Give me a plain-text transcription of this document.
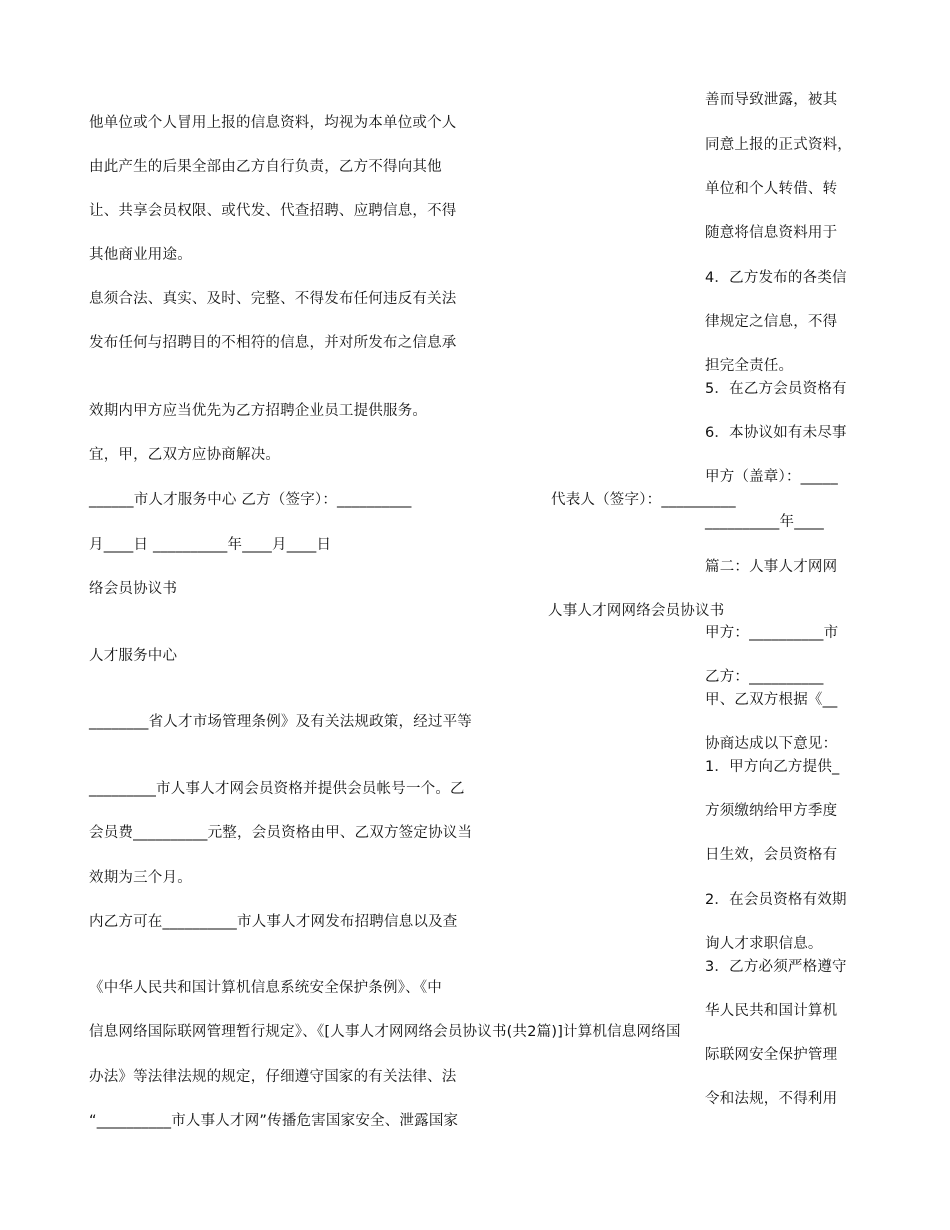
他单位或个人冒用上报的信息资料，均视为本单位或个人
由此产生的后果全部由乙方自行负责，乙方不得向其他
让、共享会员权限、或代发、代查招聘、应聘信息，不得
其他商业用途。
息须合法、真实、及时、完整、不得发布任何违反有关法
发布任何与招聘目的不相符的信息，并对所发布之信息承
效期内甲方应当优先为乙方招聘企业员工提供服务。
宜，甲，乙双方应协商解决。
______市人才服务中心 乙方（签字）：__________
月____日 __________年____月____日
络会员协议书
人才服务中心
________省人才市场管理条例》及有关法规政策，经过平等
_________市人事人才网会员资格并提供会员帐号一个。乙
会员费__________元整，会员资格由甲、乙双方签定协议当
效期为三个月。
内乙方可在__________市人事人才网发布招聘信息以及查
《中华人民共和国计算机信息系统安全保护条例》、《中
信息网络国际联网管理暂行规定》、《[人事人才网网络会员协议书(共2篇)]计算机信息网络国
办法》等法律法规的规定，仔细遵守国家的有关法律、法
“__________市人事人才网”传播危害国家安全、泄露国家
代表人（签字）：__________
人事人才网网络会员协议书
善而导致泄露，被其
同意上报的正式资料，
单位和个人转借、转
随意将信息资料用于
4．乙方发布的各类信
律规定之信息，不得
担完全责任。
5．在乙方会员资格有
6．本协议如有未尽事
甲方（盖章）：_____
__________年____
篇二：人事人才网网
甲方：__________市
乙方：__________
甲、乙双方根据《__
协商达成以下意见：
1．甲方向乙方提供_
方须缴纳给甲方季度
日生效，会员资格有
2．在会员资格有效期
询人才求职信息。
3．乙方必须严格遵守
华人民共和国计算机
际联网安全保护管理
令和法规，不得利用
